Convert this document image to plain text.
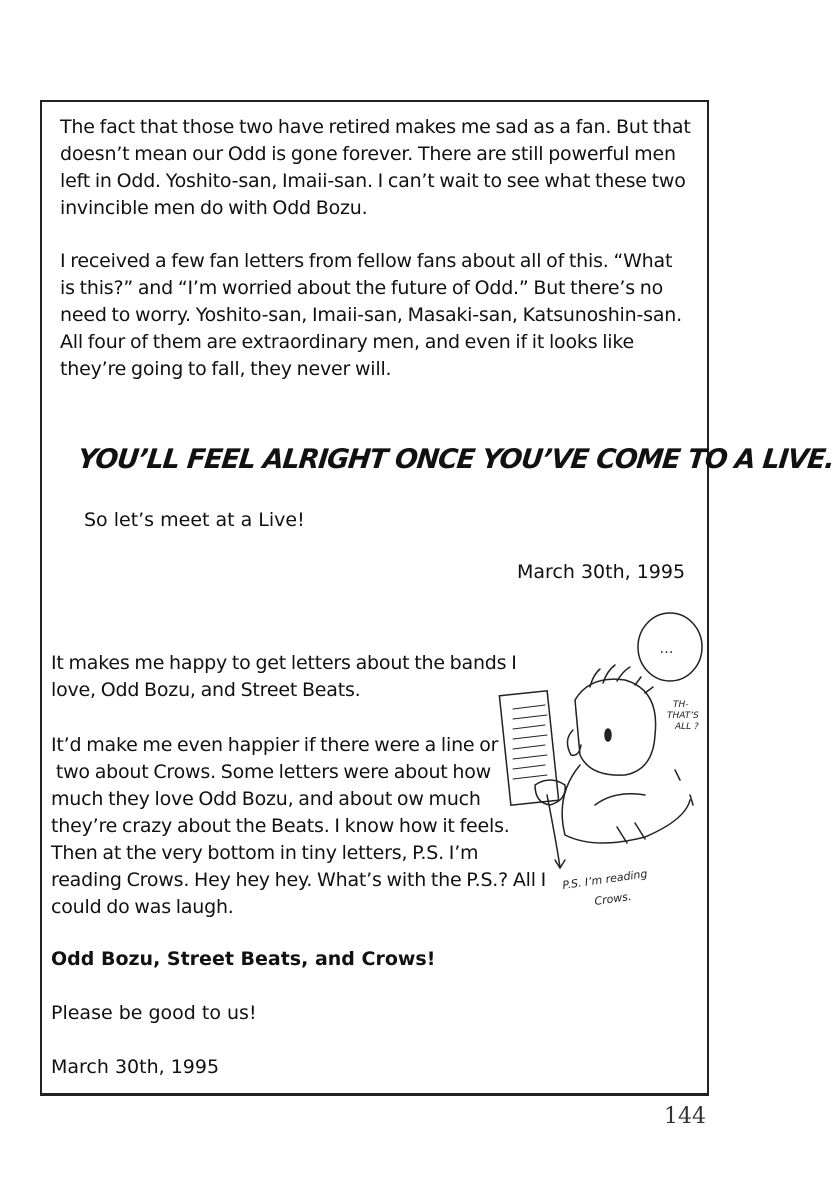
The fact that those two have retired makes me sad as a fan. But that
doesn’t mean our Odd is gone forever. There are still powerful men
left in Odd. Yoshito-san, Imaii-san. I can’t wait to see what these two
invincible men do with Odd Bozu.
I received a few fan letters from fellow fans about all of this. “What
is this?” and “I’m worried about the future of Odd.” But there’s no
need to worry. Yoshito-san, Imaii-san, Masaki-san, Katsunoshin-san.
All four of them are extraordinary men, and even if it looks like
they’re going to fall, they never will.

YOU’LL FEEL ALRIGHT ONCE YOU’VE COME TO A LIVE.

So let’s meet at a Live!

March 30th, 1995

It makes me happy to get letters about the bands I
love, Odd Bozu, and Street Beats.
It’d make me even happier if there were a line or
two about Crows. Some letters were about how
much they love Odd Bozu, and about ow much
they’re crazy about the Beats. I know how it feels.
Then at the very bottom in tiny letters, P.S. I’m
reading Crows. Hey hey hey. What’s with the P.S.? All I
could do was laugh.

Odd Bozu, Street Beats, and Crows!

Please be good to us!

March 30th, 1995

144
…
TH-
THAT’S
ALL ?
P.S. I’m reading
Crows.
